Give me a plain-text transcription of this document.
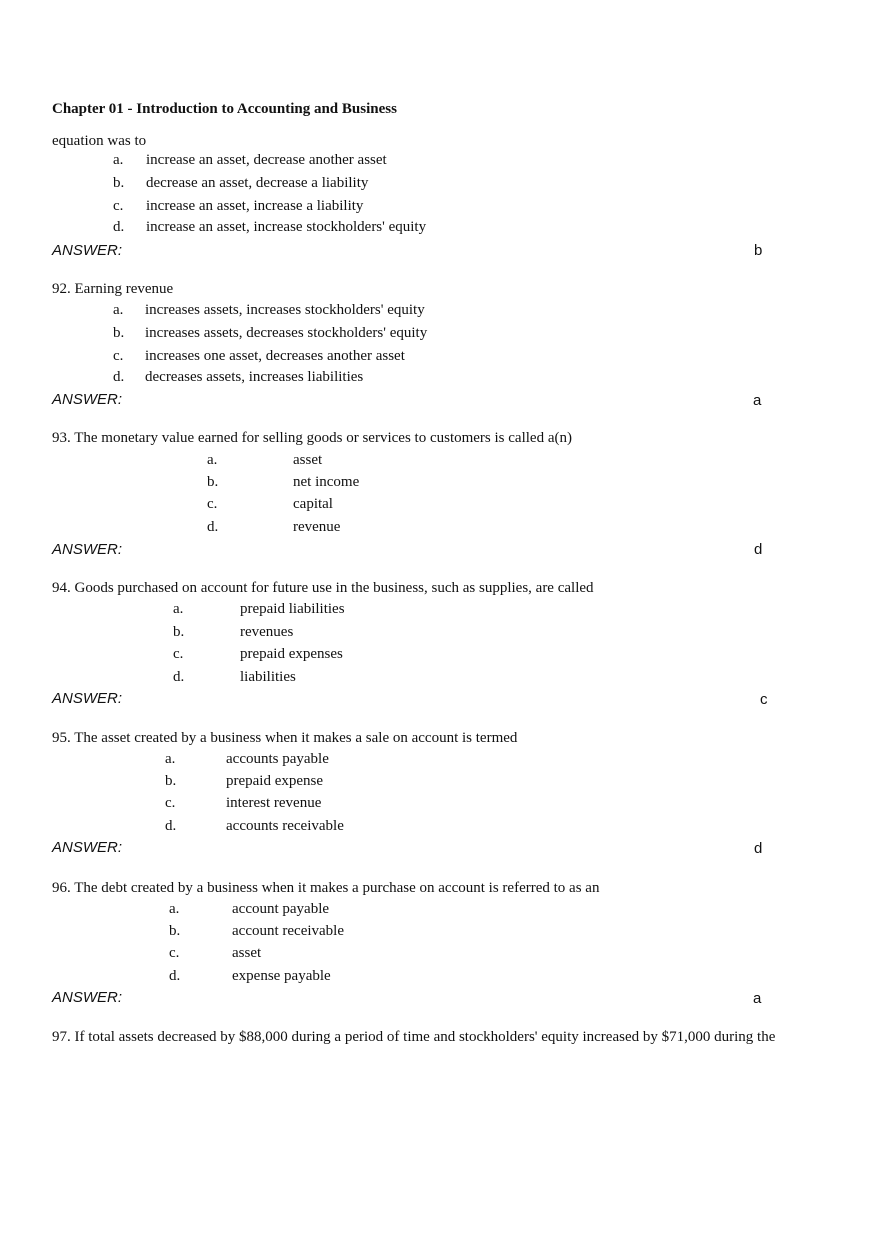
Chapter 01 - Introduction to Accounting and Business
equation was to
a. increase an asset, decrease another asset
b. decrease an asset, decrease a liability
c. increase an asset, increase a liability
d. increase an asset, increase stockholders' equity
ANSWER:	b
92. Earning revenue
a. increases assets, increases stockholders' equity
b. increases assets, decreases stockholders' equity
c. increases one asset, decreases another asset
d. decreases assets, increases liabilities
ANSWER:	a
93. The monetary value earned for selling goods or services to customers is called a(n)
a.	asset
b.	net income
c.	capital
d.	revenue
ANSWER:	d
94. Goods purchased on account for future use in the business, such as supplies, are called
a.	prepaid liabilities
b.	revenues
c.	prepaid expenses
d.	liabilities
ANSWER:	c
95. The asset created by a business when it makes a sale on account is termed
a.	accounts payable
b.	prepaid expense
c.	interest revenue
d.	accounts receivable
ANSWER:	d
96. The debt created by a business when it makes a purchase on account is referred to as an
a.	account payable
b.	account receivable
c.	asset
d.	expense payable
ANSWER:	a
97. If total assets decreased by $88,000 during a period of time and stockholders' equity increased by $71,000 during the
